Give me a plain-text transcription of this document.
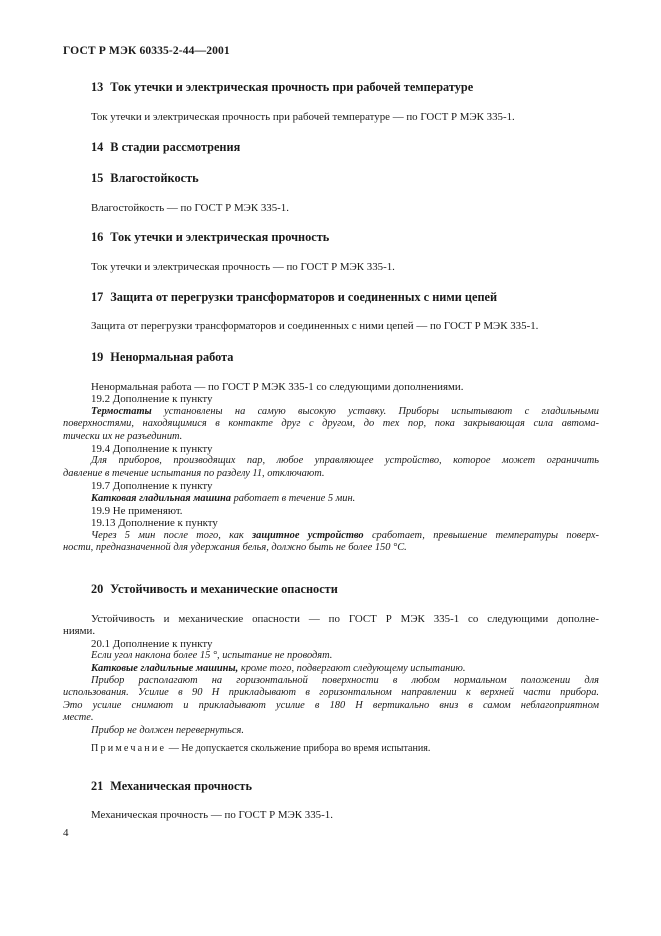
ГОСТ Р МЭК 60335-2-44—2001
13 Ток утечки и электрическая прочность при рабочей температуре
Ток утечки и электрическая прочность при рабочей температуре — по ГОСТ Р МЭК 335-1.
14 В стадии рассмотрения
15 Влагостойкость
Влагостойкость — по ГОСТ Р МЭК 335-1.
16 Ток утечки и электрическая прочность
Ток утечки и электрическая прочность — по ГОСТ Р МЭК 335-1.
17 Защита от перегрузки трансформаторов и соединенных с ними цепей
Защита от перегрузки трансформаторов и соединенных с ними цепей — по ГОСТ Р МЭК 335-1.
19 Ненормальная работа
Ненормальная работа — по ГОСТ Р МЭК 335-1 со следующими дополнениями.
19.2 Дополнение к пункту
Термостаты установлены на самую высокую уставку. Приборы испытывают с гладильными
поверхностями, находящимися в контакте друг с другом, до тех пор, пока закрывающая сила автома-
тически их не разъединит.
19.4 Дополнение к пункту
Для приборов, производящих пар, любое управляющее устройство, которое может ограничить
давление в течение испытания по разделу 11, отключают.
19.7 Дополнение к пункту
Катковая гладильная машина работает в течение 5 мин.
19.9 Не применяют.
19.13 Дополнение к пункту
Через 5 мин после того, как защитное устройство сработает, превышение температуры поверх-
ности, предназначенной для удержания белья, должно быть не более 150 °С.
20 Устойчивость и механические опасности
Устойчивость и механические опасности — по ГОСТ Р МЭК 335-1 со следующими дополне-
ниями.
20.1 Дополнение к пункту
Если угол наклона более 15 °, испытание не проводят.
Катковые гладильные машины, кроме того, подвергают следующему испытанию.
Прибор располагают на горизонтальной поверхности в любом нормальном положении для
использования. Усилие в 90 Н прикладывают в горизонтальном направлении к верхней части прибора.
Это усилие снимают и прикладывают усилие в 180 Н вертикально вниз в самом неблагоприятном
месте.
Прибор не должен перевернуться.
Примечание — Не допускается скольжение прибора во время испытания.
21 Механическая прочность
Механическая прочность — по ГОСТ Р МЭК 335-1.
4
